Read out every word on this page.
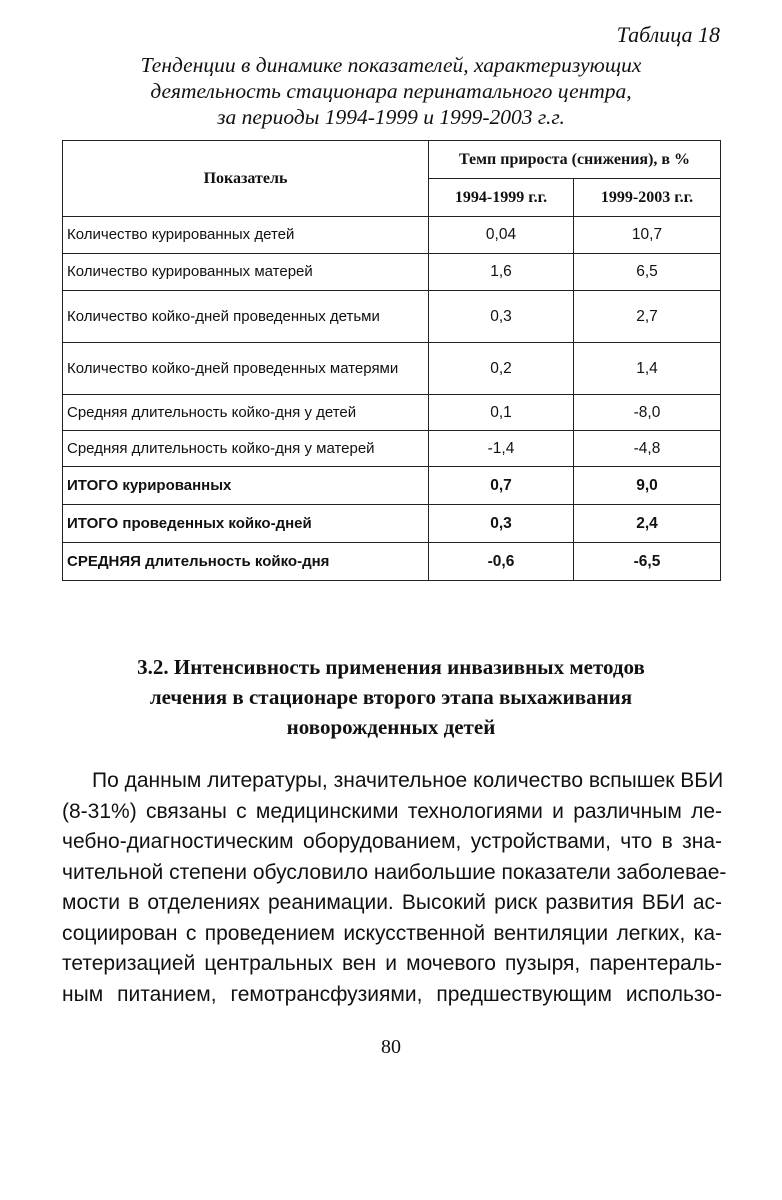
Таблица 18
Тенденции в динамике показателей, характеризующих
деятельность стационара перинатального центра,
за периоды 1994-1999 и 1999-2003 г.г.
Показатель	Темп прироста (снижения), в %	
	1994-1999 г.г.	1999-2003 г.г.
Количество курированных детей	0,04	10,7
Количество курированных матерей	1,6	6,5
Количество койко-дней проведенных детьми	0,3	2,7
Количество койко-дней проведенных матерями	0,2	1,4
Средняя длительность койко-дня у детей	0,1	-8,0
Средняя длительность койко-дня у матерей	-1,4	-4,8
ИТОГО курированных	0,7	9,0
ИТОГО проведенных койко-дней	0,3	2,4
СРЕДНЯЯ длительность койко-дня	-0,6	-6,5
3.2. Интенсивность применения инвазивных методов
лечения в стационаре второго этапа выхаживания
новорожденных детей
По данным литературы, значительное количество вспышек ВБИ
(8-31%) связаны с медицинскими технологиями и различным ле-
чебно-диагностическим оборудованием, устройствами, что в зна-
чительной степени обусловило наибольшие показатели заболевае-
мости в отделениях реанимации. Высокий риск развития ВБИ ас-
социирован с проведением искусственной вентиляции легких, ка-
тетеризацией центральных вен и мочевого пузыря, парентераль-
ным питанием, гемотрансфузиями, предшествующим использо-
80
